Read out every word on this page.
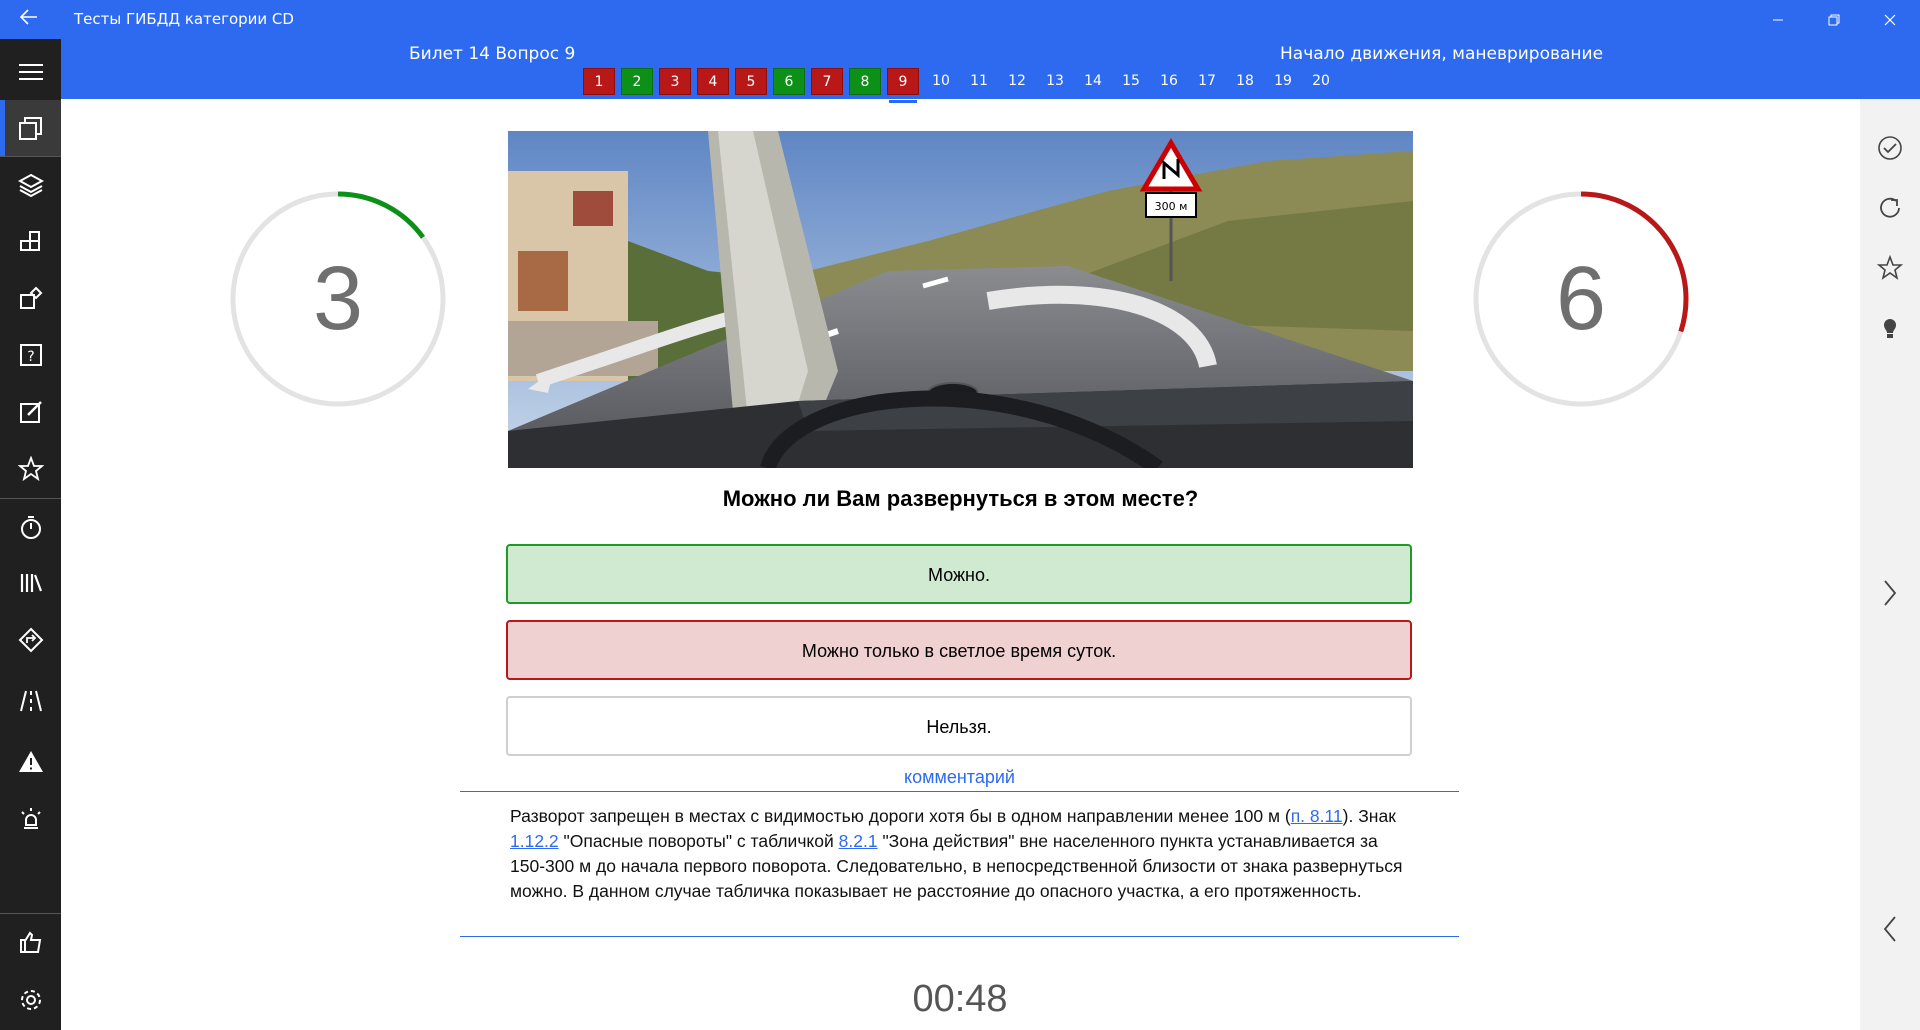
Тесты ГИБДД категории CD
Билет 14 Вопрос 9	Начало движения, маневрирование
1	2	3	4	5	6	7	8	9	10	11	12	13	14	15	16	17	18	19	20
?
3	6
300 м
Можно ли Вам развернуться в этом месте?
Можно.
Можно только в светлое время суток.
Нельзя.
комментарий
Разворот запрещен в местах с видимостью дороги хотя бы в одном направлении менее 100 м (п. 8.11). Знак 1.12.2 "Опасные повороты" с табличкой 8.2.1 "Зона действия" вне населенного пункта устанавливается за 150-300 м до начала первого поворота. Следовательно, в непосредственной близости от знака развернуться можно. В данном случае табличка показывает не расстояние до опасного участка, а его протяженность.
00:48
